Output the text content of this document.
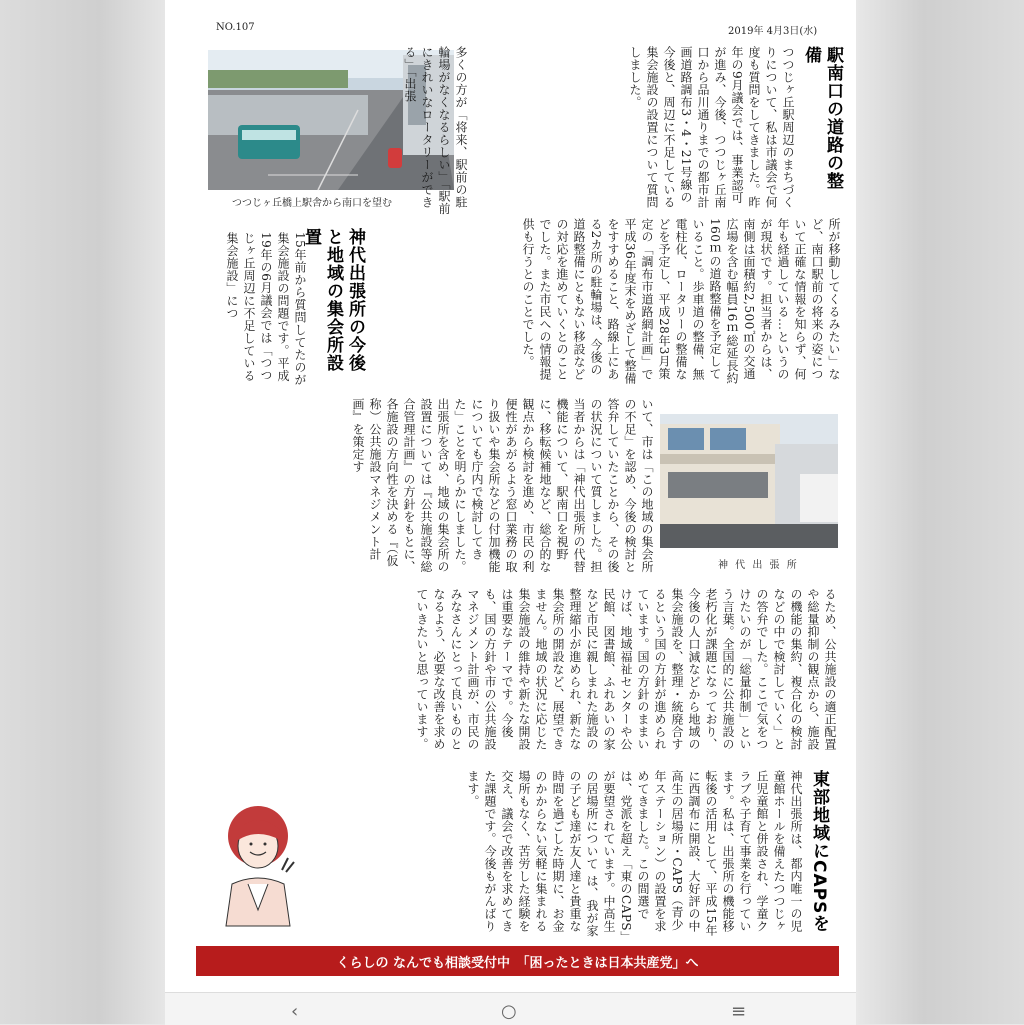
NO.107	2019年 4月3日(水)
つつじヶ丘橋上駅舎から南口を望む
駅南口の道路の整備
つつじヶ丘駅周辺のまちづくりについて、私は市議会で何度も質問をしてきました。昨年の9月議会では、事業認可が進み、今後、つつじヶ丘南口から品川通りまでの都市計画道路調布3・4・21号線の今後と、周辺に不足している集会施設の設置について質問しました。
所が移動してくるみたい」など、南口駅前の将来の姿について正確な情報を知らず、何年も経過している…というのが現状です。担当者からは、南側は面積約2,500㎡の交通広場を含む幅員16ｍ総延長約160ｍの道路整備を予定していること。歩車道の整備、無電柱化、ロータリーの整備などを予定し、平成28年3月策定の「調布市道路網計画」で平成36年度末をめざして整備をすすめること、路線上にある2カ所の駐輪場は、今後の道路整備にともない移設などの対応を進めていくとのことでした。また市民への情報提供も行うとのことでした。
多くの方が「将来、駅前の駐輪場がなくなるらしい」「駅前にきれいなロータリーができる」「出張
神代出張所の今後と地域の集会所設置
15年前から質問してたのが集会施設の問題です。平成19年の6月議会では「つつじヶ丘周辺に不足している集会施設」につ
いて、市は「この地域の集会所の不足」を認め、今後の検討と答弁していたことから、その後の状況について質しました。担当者からは「神代出張所の代替機能について、駅南口を視野に、移転候補地など、総合的な観点から検討を進め、市民の利便性があがるよう窓口業務の取り扱いや集会所などの付加機能についても庁内で検討してきた」ことを明らかにしました。出張所を含め、地域の集会所の設置については『公共施設等総合管理計画』の方針をもとに、各施設の方向性を決める『（仮称）公共施設マネジメント計画』を策定す
るため、公共施設の適正配置や総量抑制の観点から、施設の機能の集約、複合化の検討などの中で検討していく」との答弁でした。ここで気をつけたいのが「総量抑制」という言葉。全国的に公共施設の老朽化が課題になっており、今後の人口減などから地域の集会施設を、整理・統廃合するという国の方針が進められています。国の方針のままいけば、地域福祉センターや公民館、図書館、ふれあいの家など市民に親しまれた施設の整理縮小が進められ、新たな集会所の開設など、展望できません。地域の状況に応じた集会施設の維持や新たな開設は重要なテーマです。今後も、国の方針や市の公共施設マネジメント計画が、市民のみなさんにとって良いものとなるよう、必要な改善を求めていきたいと思っています。
神 代 出 張 所
東部地域にCAPSを
神代出張所は、都内唯一の児童館ホールを備えたつつじヶ丘児童館と併設され、学童クラブや子育て事業を行っています。私は、出張所の機能移転後の活用として、平成15年に西調布に開設、大好評の中高生の居場所・CAPS（青少年ステーション）の設置を求めてきました。この間選では、党派を超え「東のCAPS」が要望されています。中高生の居場所について は、我が家の子ども達が友人達と貴重な時間を過ごした時期に、お金のかからない気軽に集まれる場所もなく、苦労した経験を交え、議会で改善を求めてきた課題です。今後もがんばります。
くらしの なんでも相談受付中　「困ったときは日本共産党」へ
‹	○	≡
